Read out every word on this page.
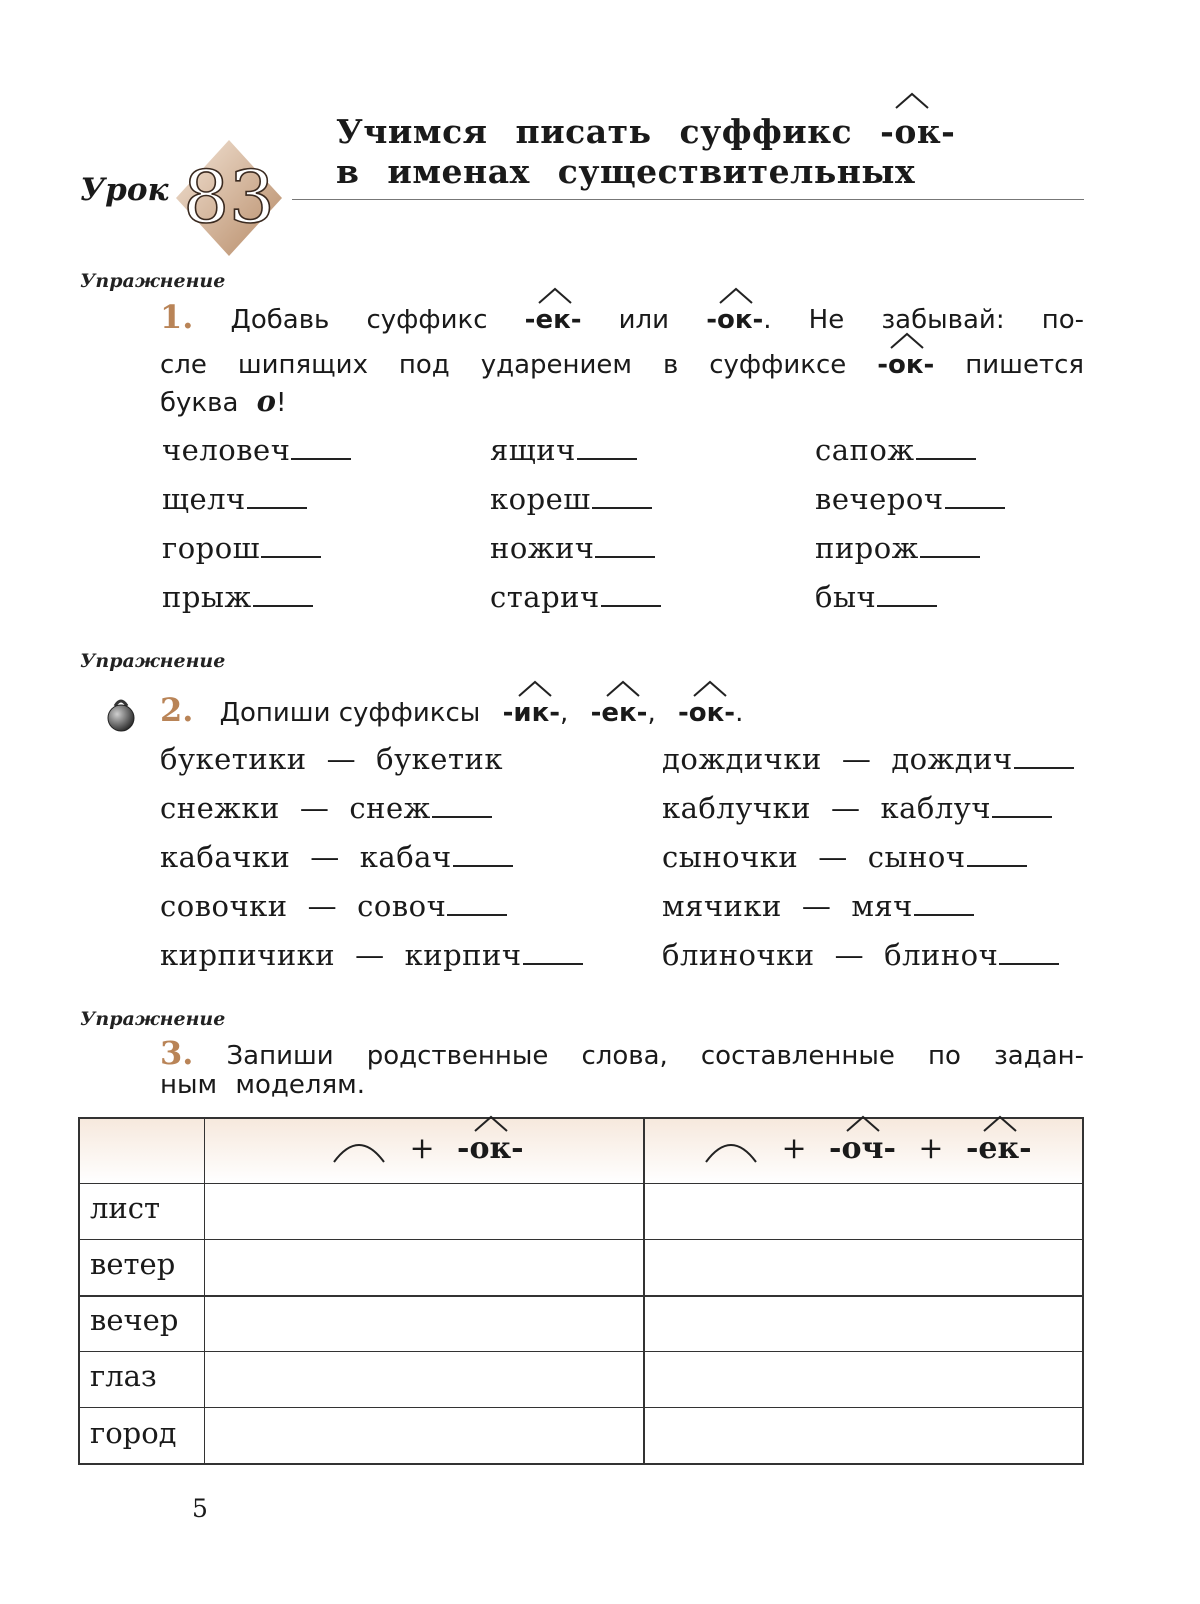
Урок 83
Учимся писать суффикс -ок-
в именах существительных
Упражнение
1. Добавь суффикс -ек- или -ок-. Не забывай: по-
сле шипящих под ударением в суффиксе -ок- пишется
буква о!
человеч	ящич	сапож
щелч	кореш	вечероч
горош	ножич	пирож
прыж	старич	быч
Упражнение
2. Допиши суффиксы -ик-, -ек-, -ок-.
букетики — букетик	дождички — дождич
снежки — снеж	каблучки — каблуч
кабачки — кабач	сыночки — сыноч
совочки — совоч	мячики — мяч
кирпичики — кирпич	блиночки — блиноч
Упражнение
3. Запиши родственные слова, составленные по задан-
ным моделям.
+ -ок-	+ -оч- + -ек-
лист
ветер
вечер
глаз
город
5
